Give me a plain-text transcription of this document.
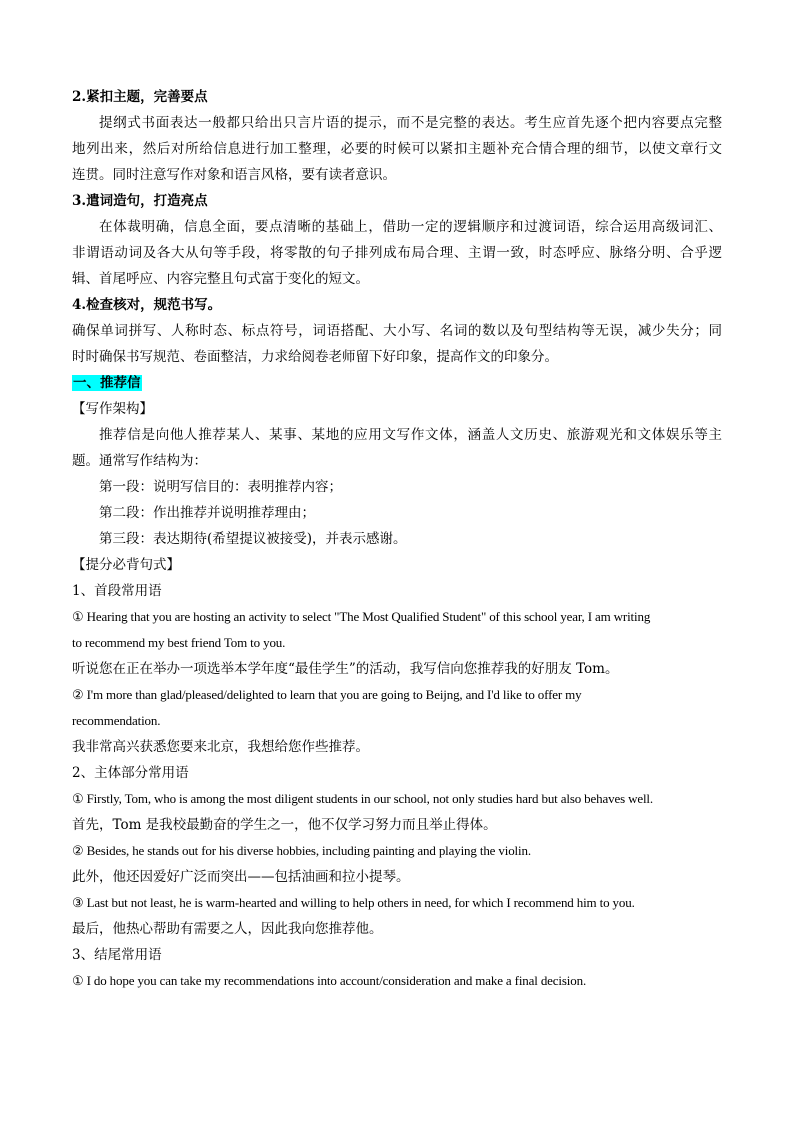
2.紧扣主题，完善要点
提纲式书面表达一般都只给出只言片语的提示，而不是完整的表达。考生应首先逐个把内容要点完整
地列出来，然后对所给信息进行加工整理，必要的时候可以紧扣主题补充合情合理的细节，以使文章行文
连贯。同时注意写作对象和语言风格，要有读者意识。
3.遣词造句，打造亮点
在体裁明确，信息全面，要点清晰的基础上，借助一定的逻辑顺序和过渡词语，综合运用高级词汇、
非谓语动词及各大从句等手段，将零散的句子排列成布局合理、主谓一致，时态呼应、脉络分明、合乎逻
辑、首尾呼应、内容完整且句式富于变化的短文。
4.检查核对，规范书写。
确保单词拼写、人称时态、标点符号，词语搭配、大小写、名词的数以及句型结构等无误，减少失分；同
时时确保书写规范、卷面整洁，力求给阅卷老师留下好印象，提高作文的印象分。
一、推荐信
【写作架构】
推荐信是向他人推荐某人、某事、某地的应用文写作文体，涵盖人文历史、旅游观光和文体娱乐等主
题。通常写作结构为：
第一段：说明写信目的：表明推荐内容；
第二段：作出推荐并说明推荐理由；
第三段：表达期待(希望提议被接受)，并表示感谢。
【提分必背句式】
1、首段常用语
① Hearing that you are hosting an activity to select "The Most Qualified Student" of this school year, I am writing
to recommend my best friend Tom to you.
听说您在正在举办一项选举本学年度“最佳学生”的活动，我写信向您推荐我的好朋友 Tom。
② I'm more than glad/pleased/delighted to learn that you are going to Beijng, and I'd like to offer my
recommendation.
我非常高兴获悉您要来北京，我想给您作些推荐。
2、主体部分常用语
① Firstly, Tom, who is among the most diligent students in our school, not only studies hard but also behaves well.
首先，Tom 是我校最勤奋的学生之一，他不仅学习努力而且举止得体。
② Besides, he stands out for his diverse hobbies, including painting and playing the violin.
此外，他还因爱好广泛而突出——包括油画和拉小提琴。
③ Last but not least, he is warm-hearted and willing to help others in need, for which I recommend him to you.
最后，他热心帮助有需要之人，因此我向您推荐他。
3、结尾常用语
① I do hope you can take my recommendations into account/consideration and make a final decision.
